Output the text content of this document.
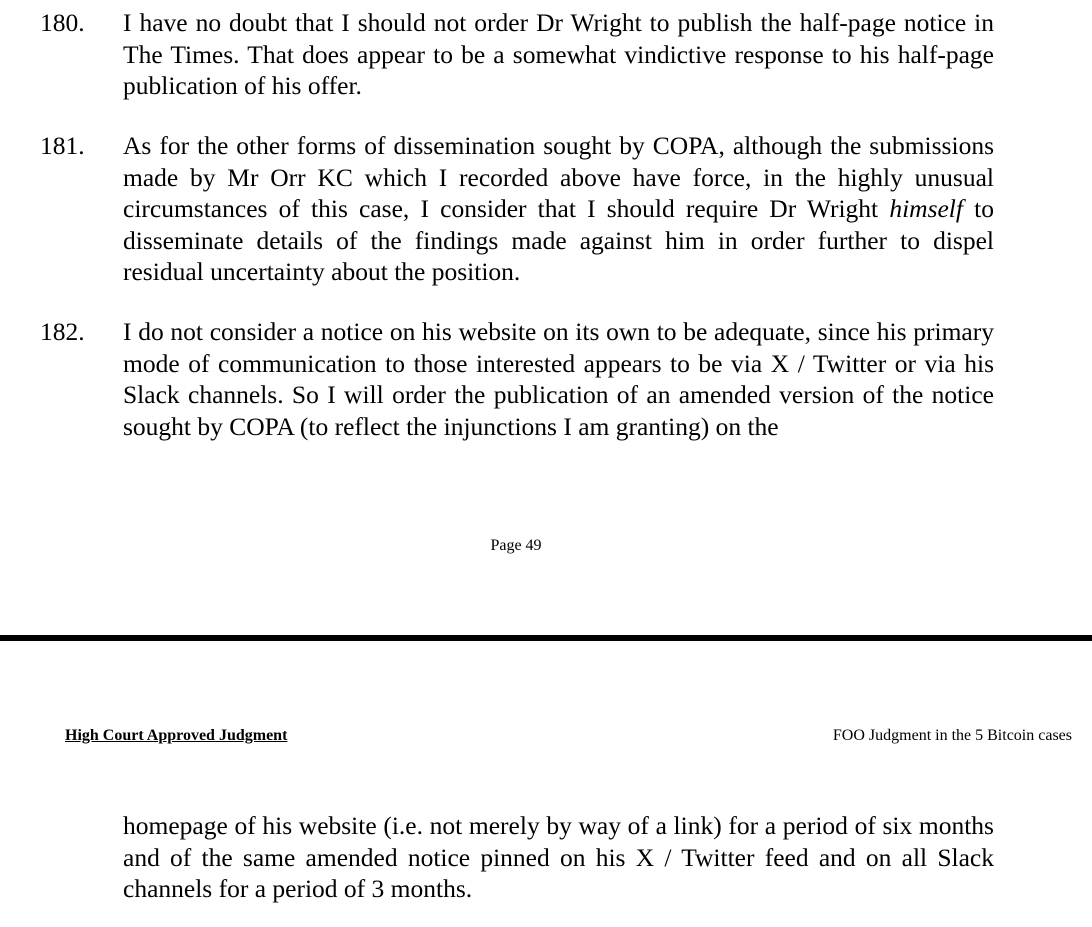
180. I have no doubt that I should not order Dr Wright to publish the half-page notice in The Times. That does appear to be a somewhat vindictive response to his half-page publication of his offer.
181. As for the other forms of dissemination sought by COPA, although the submissions made by Mr Orr KC which I recorded above have force, in the highly unusual circumstances of this case, I consider that I should require Dr Wright himself to disseminate details of the findings made against him in order further to dispel residual uncertainty about the position.
182. I do not consider a notice on his website on its own to be adequate, since his primary mode of communication to those interested appears to be via X / Twitter or via his Slack channels. So I will order the publication of an amended version of the notice sought by COPA (to reflect the injunctions I am granting) on the
Page 49
High Court Approved Judgment	FOO Judgment in the 5 Bitcoin cases
homepage of his website (i.e. not merely by way of a link) for a period of six months and of the same amended notice pinned on his X / Twitter feed and on all Slack channels for a period of 3 months.
